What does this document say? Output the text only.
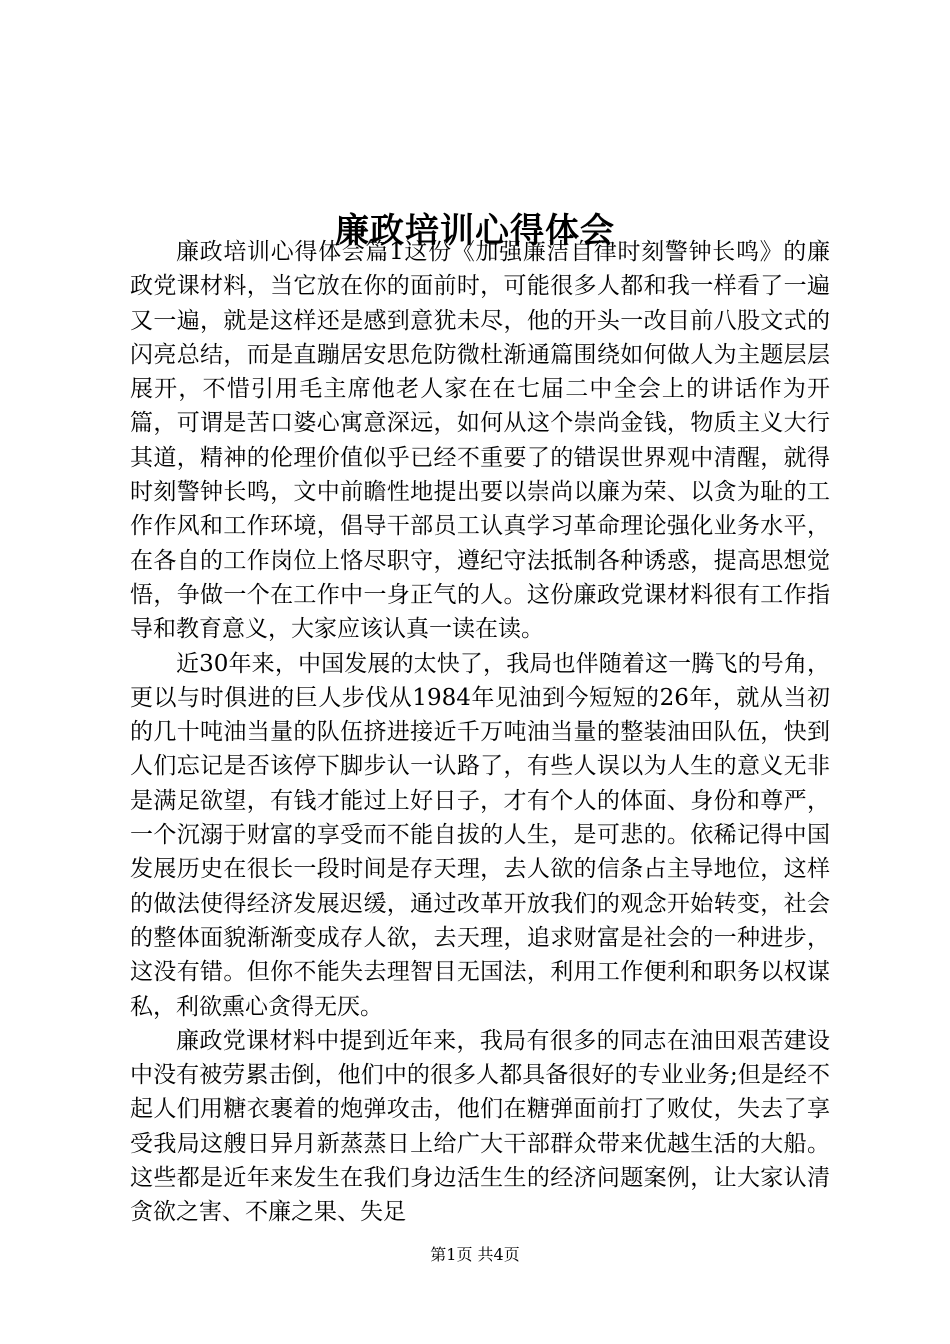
廉政培训心得体会

廉政培训心得体会篇1这份《加强廉洁自律时刻警钟长鸣》的廉政党课材料，当它放在你的面前时，可能很多人都和我一样看了一遍又一遍，就是这样还是感到意犹未尽，他的开头一改目前八股文式的闪亮总结，而是直蹦居安思危防微杜渐通篇围绕如何做人为主题层层展开，不惜引用毛主席他老人家在在七届二中全会上的讲话作为开篇，可谓是苦口婆心寓意深远，如何从这个崇尚金钱，物质主义大行其道，精神的伦理价值似乎已经不重要了的错误世界观中清醒，就得时刻警钟长鸣，文中前瞻性地提出要以崇尚以廉为荣、以贪为耻的工作作风和工作环境，倡导干部员工认真学习革命理论强化业务水平，在各自的工作岗位上恪尽职守，遵纪守法抵制各种诱惑，提高思想觉悟，争做一个在工作中一身正气的人。这份廉政党课材料很有工作指导和教育意义，大家应该认真一读在读。

近30年来，中国发展的太快了，我局也伴随着这一腾飞的号角，更以与时俱进的巨人步伐从1984年见油到今短短的26年，就从当初的几十吨油当量的队伍挤进接近千万吨油当量的整装油田队伍，快到人们忘记是否该停下脚步认一认路了，有些人误以为人生的意义无非是满足欲望，有钱才能过上好日子，才有个人的体面、身份和尊严，一个沉溺于财富的享受而不能自拔的人生，是可悲的。依稀记得中国发展历史在很长一段时间是存天理，去人欲的信条占主导地位，这样的做法使得经济发展迟缓，通过改革开放我们的观念开始转变，社会的整体面貌渐渐变成存人欲，去天理，追求财富是社会的一种进步，这没有错。但你不能失去理智目无国法，利用工作便利和职务以权谋私，利欲熏心贪得无厌。

廉政党课材料中提到近年来，我局有很多的同志在油田艰苦建设中没有被劳累击倒，他们中的很多人都具备很好的专业业务;但是经不起人们用糖衣裹着的炮弹攻击，他们在糖弹面前打了败仗，失去了享受我局这艘日异月新蒸蒸日上给广大干部群众带来优越生活的大船。这些都是近年来发生在我们身边活生生的经济问题案例，让大家认清贪欲之害、不廉之果、失足

第1页 共4页
